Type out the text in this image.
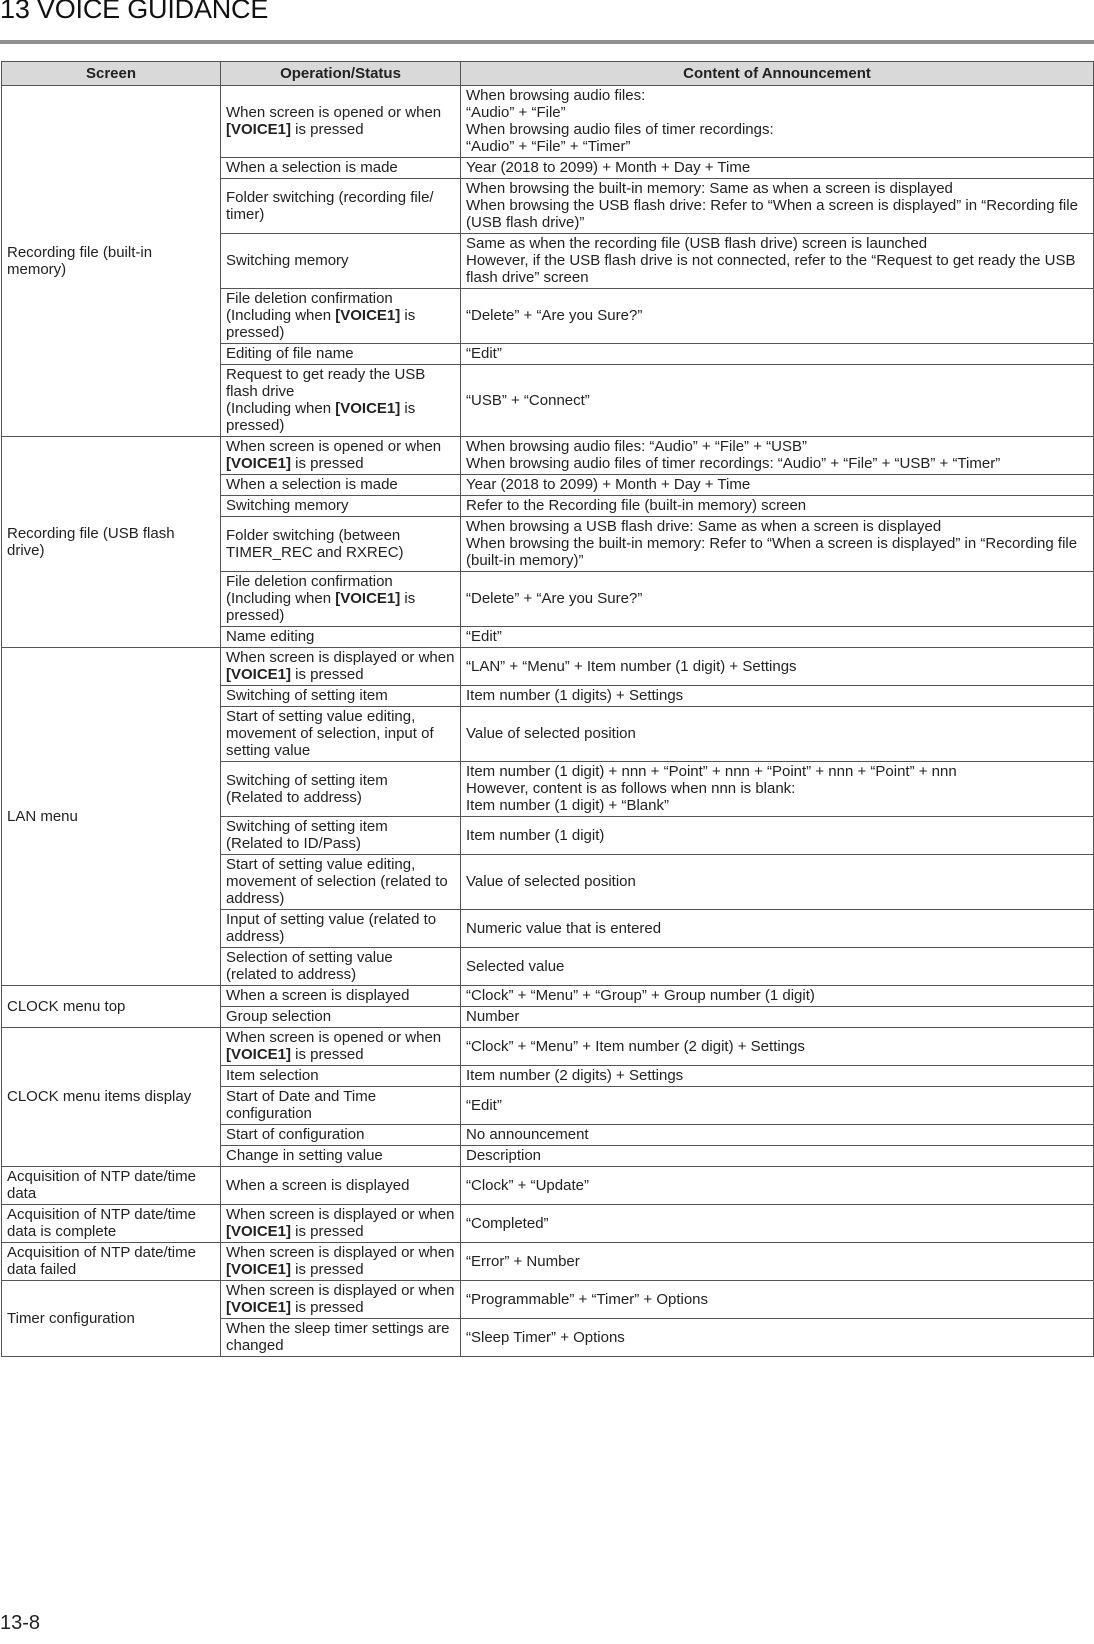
13 VOICE GUIDANCE
Screen	Operation/Status	Content of Announcement
Recording file (built-in memory)	When screen is opened or when [VOICE1] is pressed	When browsing audio files:
“Audio” + “File”
When browsing audio files of timer recordings:
“Audio” + “File” + “Timer”
	When a selection is made	Year (2018 to 2099) + Month + Day + Time
	Folder switching (recording file/ timer)	When browsing the built-in memory: Same as when a screen is displayed
When browsing the USB flash drive: Refer to “When a screen is displayed” in “Recording file (USB flash drive)”
	Switching memory	Same as when the recording file (USB flash drive) screen is launched
However, if the USB flash drive is not connected, refer to the “Request to get ready the USB flash drive” screen
	File deletion confirmation
(Including when [VOICE1] is pressed)	“Delete” + “Are you Sure?”
	Editing of file name	“Edit”
	Request to get ready the USB flash drive
(Including when [VOICE1] is pressed)	“USB” + “Connect”
Recording file (USB flash drive)	When screen is opened or when [VOICE1] is pressed	When browsing audio files: “Audio” + “File” + “USB”
When browsing audio files of timer recordings: “Audio” + “File” + “USB” + “Timer”
	When a selection is made	Year (2018 to 2099) + Month + Day + Time
	Switching memory	Refer to the Recording file (built-in memory) screen
	Folder switching (between TIMER_REC and RXREC)	When browsing a USB flash drive: Same as when a screen is displayed
When browsing the built-in memory: Refer to “When a screen is displayed” in “Recording file (built-in memory)”
	File deletion confirmation
(Including when [VOICE1] is pressed)	“Delete” + “Are you Sure?”
	Name editing	“Edit”
LAN menu	When screen is displayed or when [VOICE1] is pressed	“LAN” + “Menu” + Item number (1 digit) + Settings
	Switching of setting item	Item number (1 digits) + Settings
	Start of setting value editing, movement of selection, input of setting value	Value of selected position
	Switching of setting item
(Related to address)	Item number (1 digit) + nnn + “Point” + nnn + “Point” + nnn + “Point” + nnn
However, content is as follows when nnn is blank:
Item number (1 digit) + “Blank”
	Switching of setting item
(Related to ID/Pass)	Item number (1 digit)
	Start of setting value editing, movement of selection (related to address)	Value of selected position
	Input of setting value (related to address)	Numeric value that is entered
	Selection of setting value
(related to address)	Selected value
CLOCK menu top	When a screen is displayed	“Clock” + “Menu” + “Group” + Group number (1 digit)
	Group selection	Number
CLOCK menu items display	When screen is opened or when [VOICE1] is pressed	“Clock” + “Menu” + Item number (2 digit) + Settings
	Item selection	Item number (2 digits) + Settings
	Start of Date and Time configuration	“Edit”
	Start of configuration	No announcement
	Change in setting value	Description
Acquisition of NTP date/time data	When a screen is displayed	“Clock” + “Update”
Acquisition of NTP date/time data is complete	When screen is displayed or when [VOICE1] is pressed	“Completed”
Acquisition of NTP date/time data failed	When screen is displayed or when [VOICE1] is pressed	“Error” + Number
Timer configuration	When screen is displayed or when [VOICE1] is pressed	“Programmable” + “Timer” + Options
	When the sleep timer settings are changed	“Sleep Timer” + Options
13-8
